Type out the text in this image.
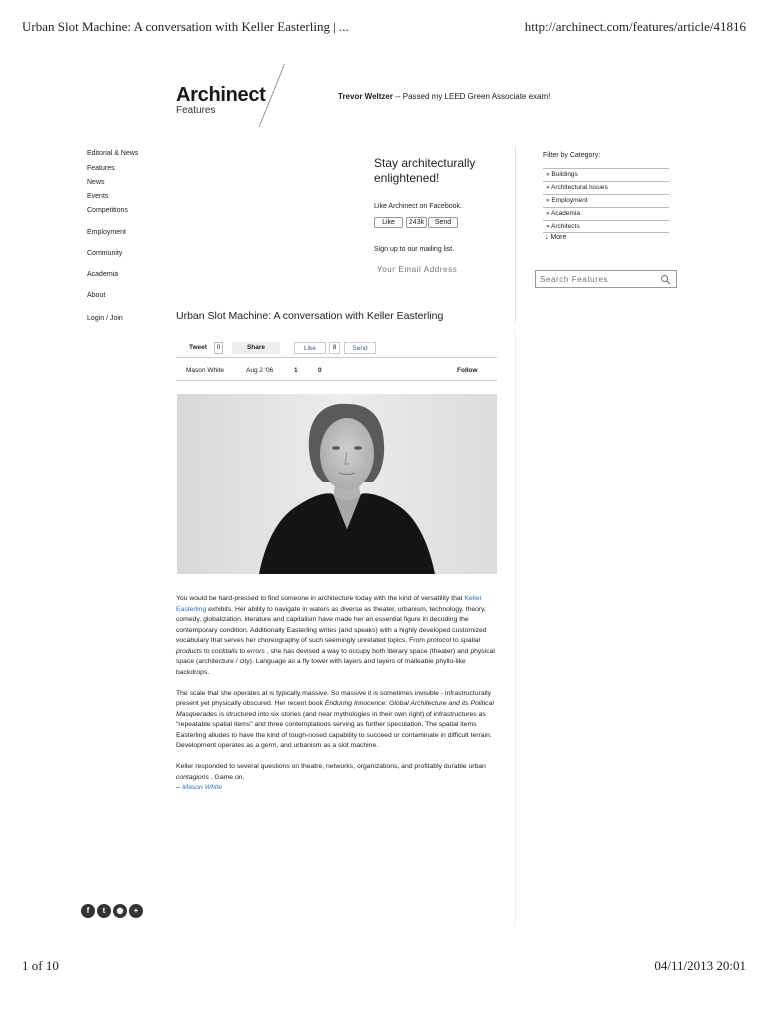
Urban Slot Machine: A conversation with Keller Easterling | ...	http://archinect.com/features/article/41816
Archinect
Features
Trevor Weltzer -- Passed my LEED Green Associate exam!
Editorial & News
Features
News
Events
Competitions
Employment
Community
Academia
About
Login / Join
Stay architecturally enlightened!
Like Archinect on Facebook.
Like	243k	Send
Sign up to our mailing list.
Your Email Address
Filter by Category:
» Buildings
» Architectural Issues
» Employment
» Academia
» Architects
↓ More
Search Features
Urban Slot Machine: A conversation with Keller Easterling
Tweet	0	Share	Like	8	Send
Mason White	Aug 2 '06	1	0	Follow

You would be hard-pressed to find someone in architecture today with the kind of versatility that Keller Easterling exhibits. Her ability to navigate in waters as diverse as theater, urbanism, technology, theory, comedy, globalization, literature and capitalism have made her an essential figure in decoding the contemporary condition. Additionally Easterling writes (and speaks) with a highly developed customized vocabulary that serves her choreography of such seemingly unrelated topics. From protocol to spatial products to cocktails to errors , she has devised a way to occupy both literary space (theater) and physical space (architecture / city). Language as a fly tower with layers and layers of malleable phyllo-like backdrops.

The scale that she operates at is typically massive. So massive it is sometimes invisible - infrastructurally present yet physically obscured. Her recent book Enduring Innocence: Global Architecture and its Political Masquerades is structured into six stories (and near mythologies in their own right) of infrastructures as "repeatable spatial items" and three contemplations serving as further speculation. The spatial items Easterling alludes to have the kind of tough-nosed capability to succeed or contaminate in difficult terrain. Development operates as a germ, and urbanism as a slot machine.

Keller responded to several questions on theatre, networks, organizations, and profitably durable urban contagions . Game on.
-- Mason White

f	t	◉	+
1 of 10	04/11/2013 20:01
